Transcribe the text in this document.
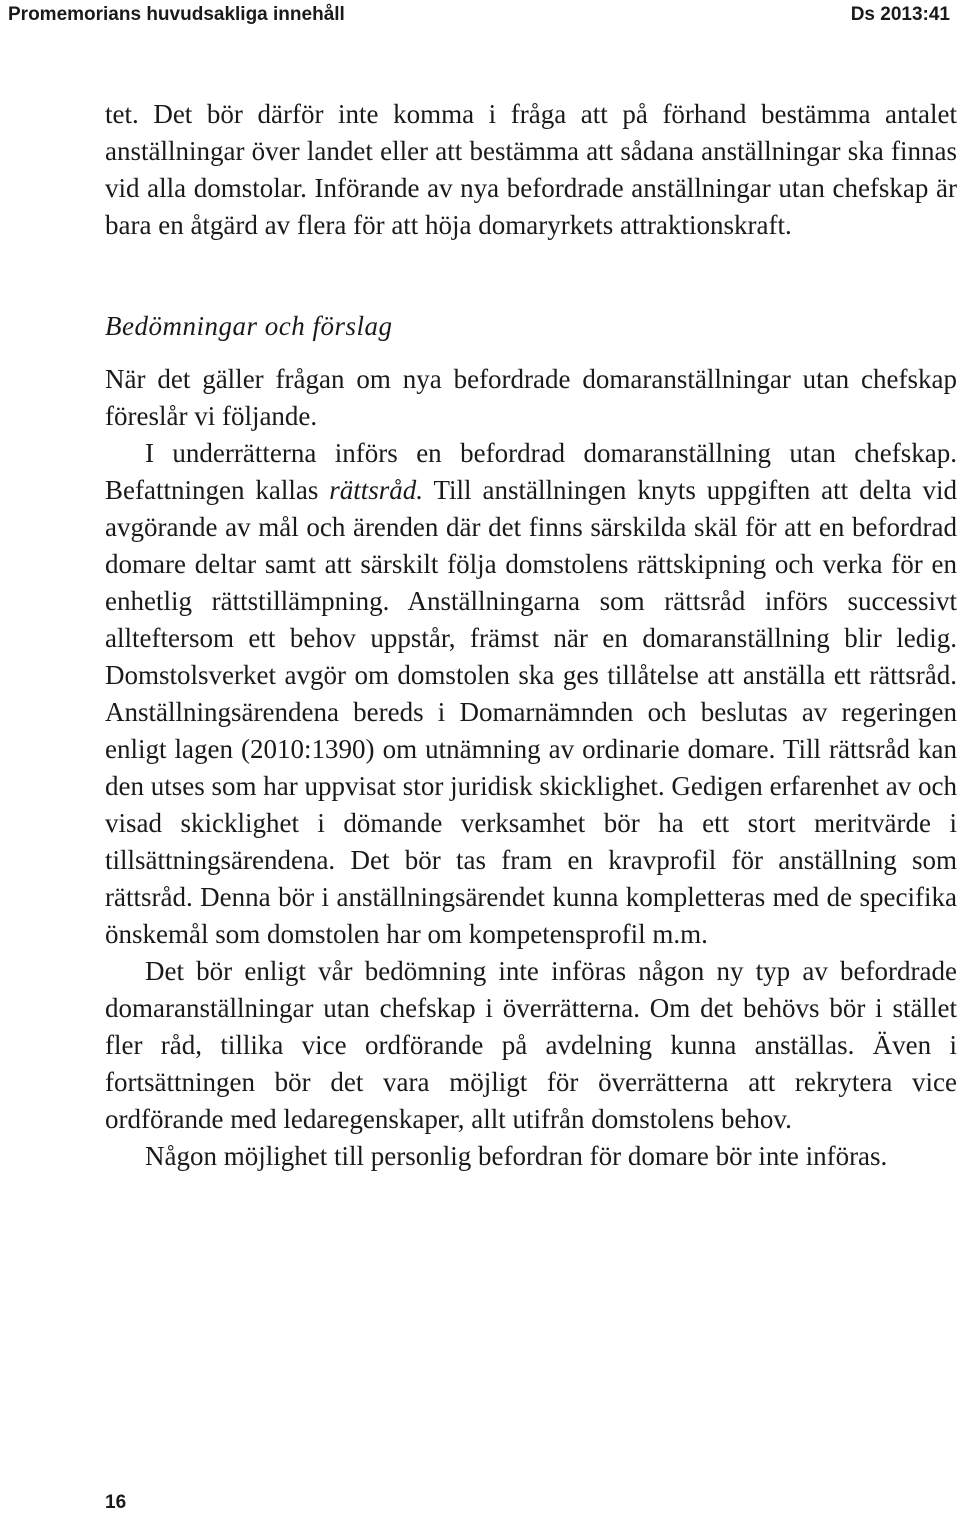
Promemorians huvudsakliga innehåll	Ds 2013:41

tet. Det bör därför inte komma i fråga att på förhand bestämma antalet anställningar över landet eller att bestämma att sådana anställningar ska finnas vid alla domstolar. Införande av nya befordrade anställningar utan chefskap är bara en åtgärd av flera för att höja domaryrkets attraktionskraft.

Bedömningar och förslag

När det gäller frågan om nya befordrade domaranställningar utan chefskap föreslår vi följande.

I underrätterna införs en befordrad domaranställning utan chefskap. Befattningen kallas rättsråd. Till anställningen knyts uppgiften att delta vid avgörande av mål och ärenden där det finns särskilda skäl för att en befordrad domare deltar samt att särskilt följa domstolens rättskipning och verka för en enhetlig rättstillämpning. Anställningarna som rättsråd införs successivt allteftersom ett behov uppstår, främst när en domaranställning blir ledig. Domstolsverket avgör om domstolen ska ges tillåtelse att anställa ett rättsråd. Anställningsärendena bereds i Domarnämnden och beslutas av regeringen enligt lagen (2010:1390) om utnämning av ordinarie domare. Till rättsråd kan den utses som har uppvisat stor juridisk skicklighet. Gedigen erfarenhet av och visad skicklighet i dömande verksamhet bör ha ett stort meritvärde i tillsättningsärendena. Det bör tas fram en kravprofil för anställning som rättsråd. Denna bör i anställningsärendet kunna kompletteras med de specifika önskemål som domstolen har om kompetensprofil m.m.

Det bör enligt vår bedömning inte införas någon ny typ av befordrade domaranställningar utan chefskap i överrätterna. Om det behövs bör i stället fler råd, tillika vice ordförande på avdelning kunna anställas. Även i fortsättningen bör det vara möjligt för överrätterna att rekrytera vice ordförande med ledaregenskaper, allt utifrån domstolens behov.

Någon möjlighet till personlig befordran för domare bör inte införas.

16
